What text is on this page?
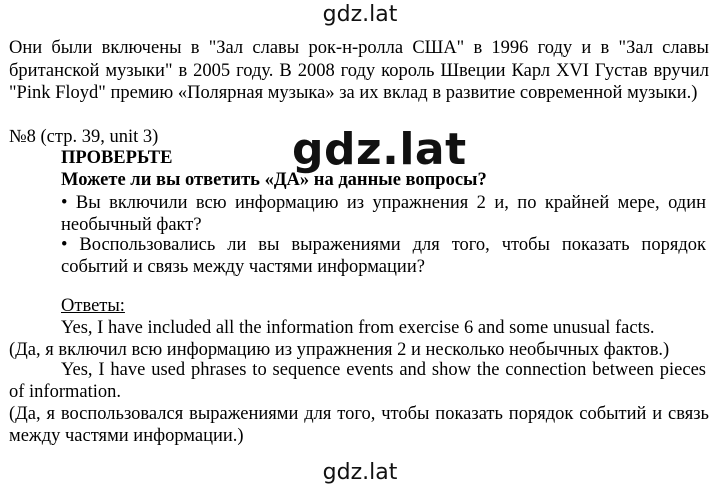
gdz.lat
Они были включены в "Зал славы рок-н-ролла США" в 1996 году и в "Зал славы
британской музыки" в 2005 году. В 2008 году король Швеции Карл XVI Густав вручил
"Pink Floyd" премию «Полярная музыка» за их вклад в развитие современной музыки.)
№8 (стр. 39, unit 3)
ПРОВЕРЬТЕ
Можете ли вы ответить «ДА» на данные вопросы?
• Вы включили всю информацию из упражнения 2 и, по крайней мере, один
необычный факт?
• Воспользовались ли вы выражениями для того, чтобы показать порядок
событий и связь между частями информации?
Ответы:
Yes, I have included all the information from exercise 6 and some unusual facts.
(Да, я включил всю информацию из упражнения 2 и несколько необычных фактов.)
Yes, I have used phrases to sequence events and show the connection between pieces
of information.
(Да, я воспользовался выражениями для того, чтобы показать порядок событий и связь
между частями информации.)
gdz.lat
gdz.lat
